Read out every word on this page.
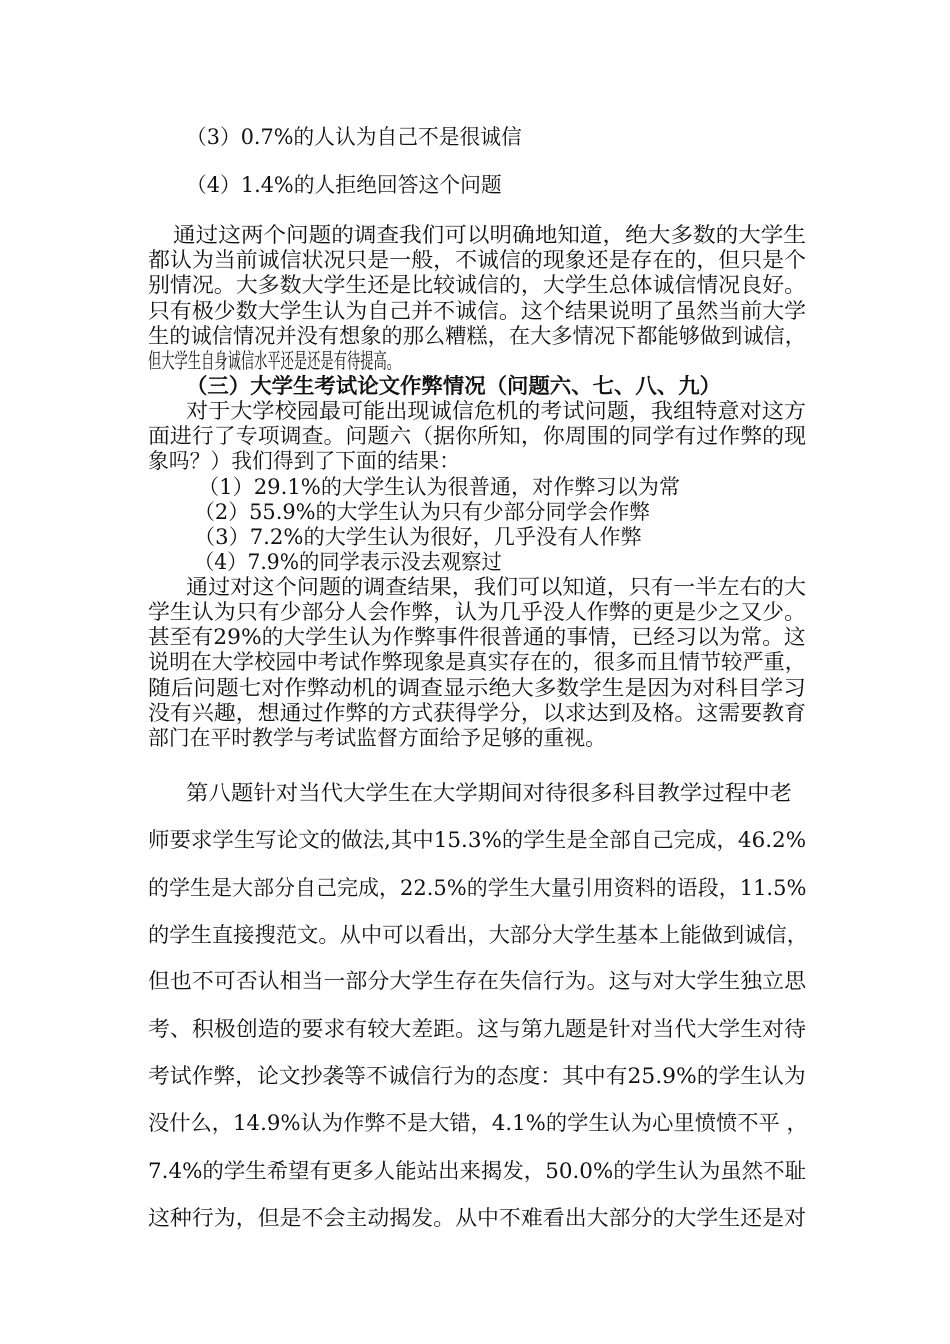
（3）0.7%的人认为自己不是很诚信
（4）1.4%的人拒绝回答这个问题
通过这两个问题的调查我们可以明确地知道，绝大多数的大学生
都认为当前诚信状况只是一般，不诚信的现象还是存在的，但只是个
别情况。大多数大学生还是比较诚信的，大学生总体诚信情况良好。
只有极少数大学生认为自己并不诚信。这个结果说明了虽然当前大学
生的诚信情况并没有想象的那么糟糕，在大多情况下都能够做到诚信，
但大学生自身诚信水平还是还是有待提高。
（三）大学生考试论文作弊情况（问题六、七、八、九）
对于大学校园最可能出现诚信危机的考试问题，我组特意对这方
面进行了专项调查。问题六（据你所知，你周围的同学有过作弊的现
象吗？）我们得到了下面的结果：
（1）29.1%的大学生认为很普通，对作弊习以为常
（2）55.9%的大学生认为只有少部分同学会作弊
（3）7.2%的大学生认为很好，几乎没有人作弊
（4）7.9%的同学表示没去观察过
通过对这个问题的调查结果，我们可以知道，只有一半左右的大
学生认为只有少部分人会作弊，认为几乎没人作弊的更是少之又少。
甚至有29%的大学生认为作弊事件很普通的事情，已经习以为常。这
说明在大学校园中考试作弊现象是真实存在的，很多而且情节较严重，
随后问题七对作弊动机的调查显示绝大多数学生是因为对科目学习
没有兴趣，想通过作弊的方式获得学分，以求达到及格。这需要教育
部门在平时教学与考试监督方面给予足够的重视。
第八题针对当代大学生在大学期间对待很多科目教学过程中老
师要求学生写论文的做法,其中15.3%的学生是全部自己完成，46.2%
的学生是大部分自己完成，22.5%的学生大量引用资料的语段，11.5%
的学生直接搜范文。从中可以看出，大部分大学生基本上能做到诚信，
但也不可否认相当一部分大学生存在失信行为。这与对大学生独立思
考、积极创造的要求有较大差距。这与第九题是针对当代大学生对待
考试作弊，论文抄袭等不诚信行为的态度：其中有25.9%的学生认为
没什么，14.9%认为作弊不是大错，4.1%的学生认为心里愤愤不平 ，
7.4%的学生希望有更多人能站出来揭发，50.0%的学生认为虽然不耻
这种行为，但是不会主动揭发。从中不难看出大部分的大学生还是对
